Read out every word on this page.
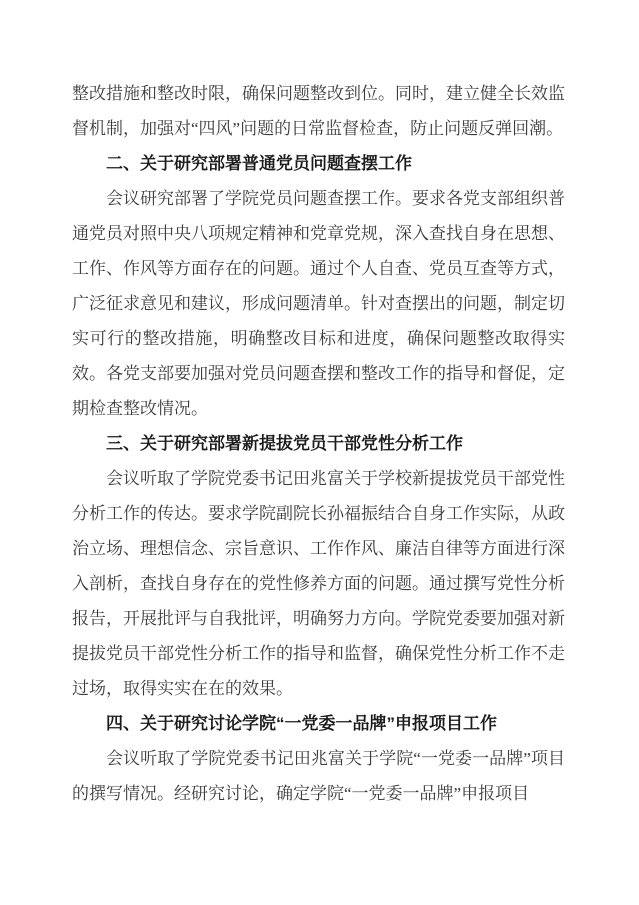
整改措施和整改时限，确保问题整改到位。同时，建立健全长效监督机制，加强对“四风”问题的日常监督检查，防止问题反弹回潮。

二、关于研究部署普通党员问题查摆工作

会议研究部署了学院党员问题查摆工作。要求各党支部组织普通党员对照中央八项规定精神和党章党规，深入查找自身在思想、工作、作风等方面存在的问题。通过个人自查、党员互查等方式，广泛征求意见和建议，形成问题清单。针对查摆出的问题，制定切实可行的整改措施，明确整改目标和进度，确保问题整改取得实效。各党支部要加强对党员问题查摆和整改工作的指导和督促，定期检查整改情况。

三、关于研究部署新提拔党员干部党性分析工作

会议听取了学院党委书记田兆富关于学校新提拔党员干部党性分析工作的传达。要求学院副院长孙福振结合自身工作实际，从政治立场、理想信念、宗旨意识、工作作风、廉洁自律等方面进行深入剖析，查找自身存在的党性修养方面的问题。通过撰写党性分析报告，开展批评与自我批评，明确努力方向。学院党委要加强对新提拔党员干部党性分析工作的指导和监督，确保党性分析工作不走过场，取得实实在在的效果。

四、关于研究讨论学院“一党委一品牌”申报项目工作

会议听取了学院党委书记田兆富关于学院“一党委一品牌”项目的撰写情况。经研究讨论，确定学院“一党委一品牌”申报项目
